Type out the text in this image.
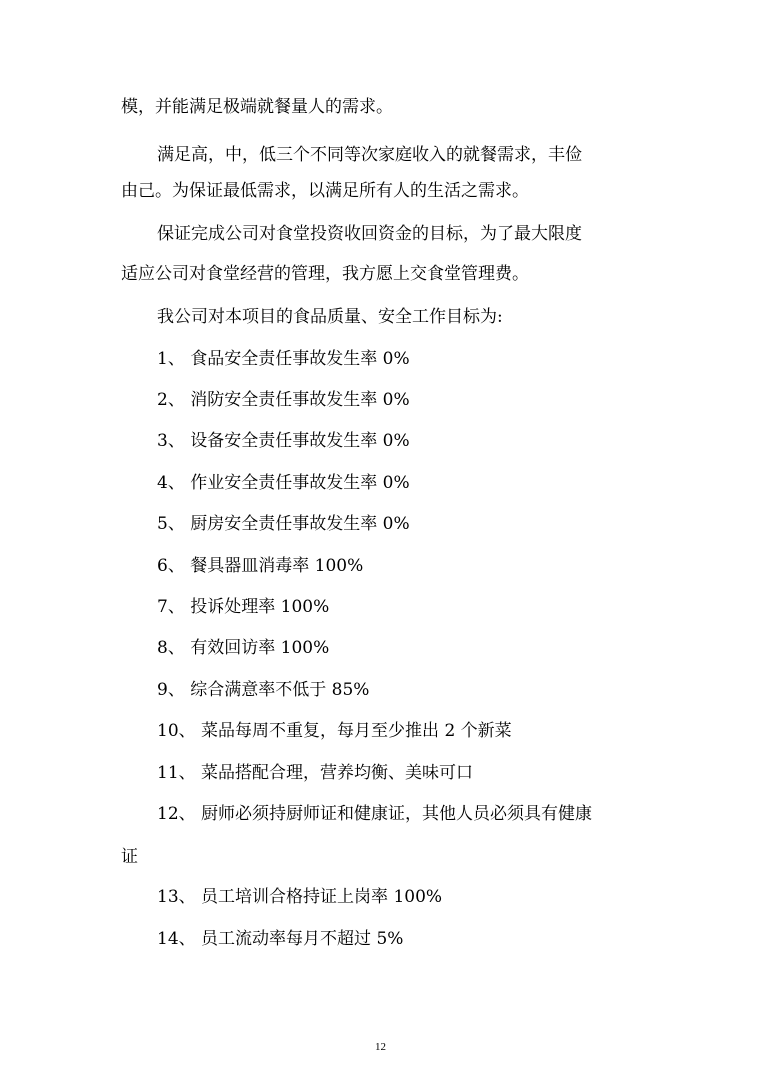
模，并能满足极端就餐量人的需求。
满足高，中，低三个不同等次家庭收入的就餐需求，丰俭
由己。为保证最低需求，以满足所有人的生活之需求。
保证完成公司对食堂投资收回资金的目标，为了最大限度
适应公司对食堂经营的管理，我方愿上交食堂管理费。
我公司对本项目的食品质量、安全工作目标为:
1、 食品安全责任事故发生率 0%
2、 消防安全责任事故发生率 0%
3、 设备安全责任事故发生率 0%
4、 作业安全责任事故发生率 0%
5、 厨房安全责任事故发生率 0%
6、 餐具器皿消毒率 100%
7、 投诉处理率 100%
8、 有效回访率 100%
9、 综合满意率不低于 85%
10、 菜品每周不重复，每月至少推出 2 个新菜
11、 菜品搭配合理，营养均衡、美味可口
12、 厨师必须持厨师证和健康证，其他人员必须具有健康
证
13、 员工培训合格持证上岗率 100%
14、 员工流动率每月不超过 5%
12
